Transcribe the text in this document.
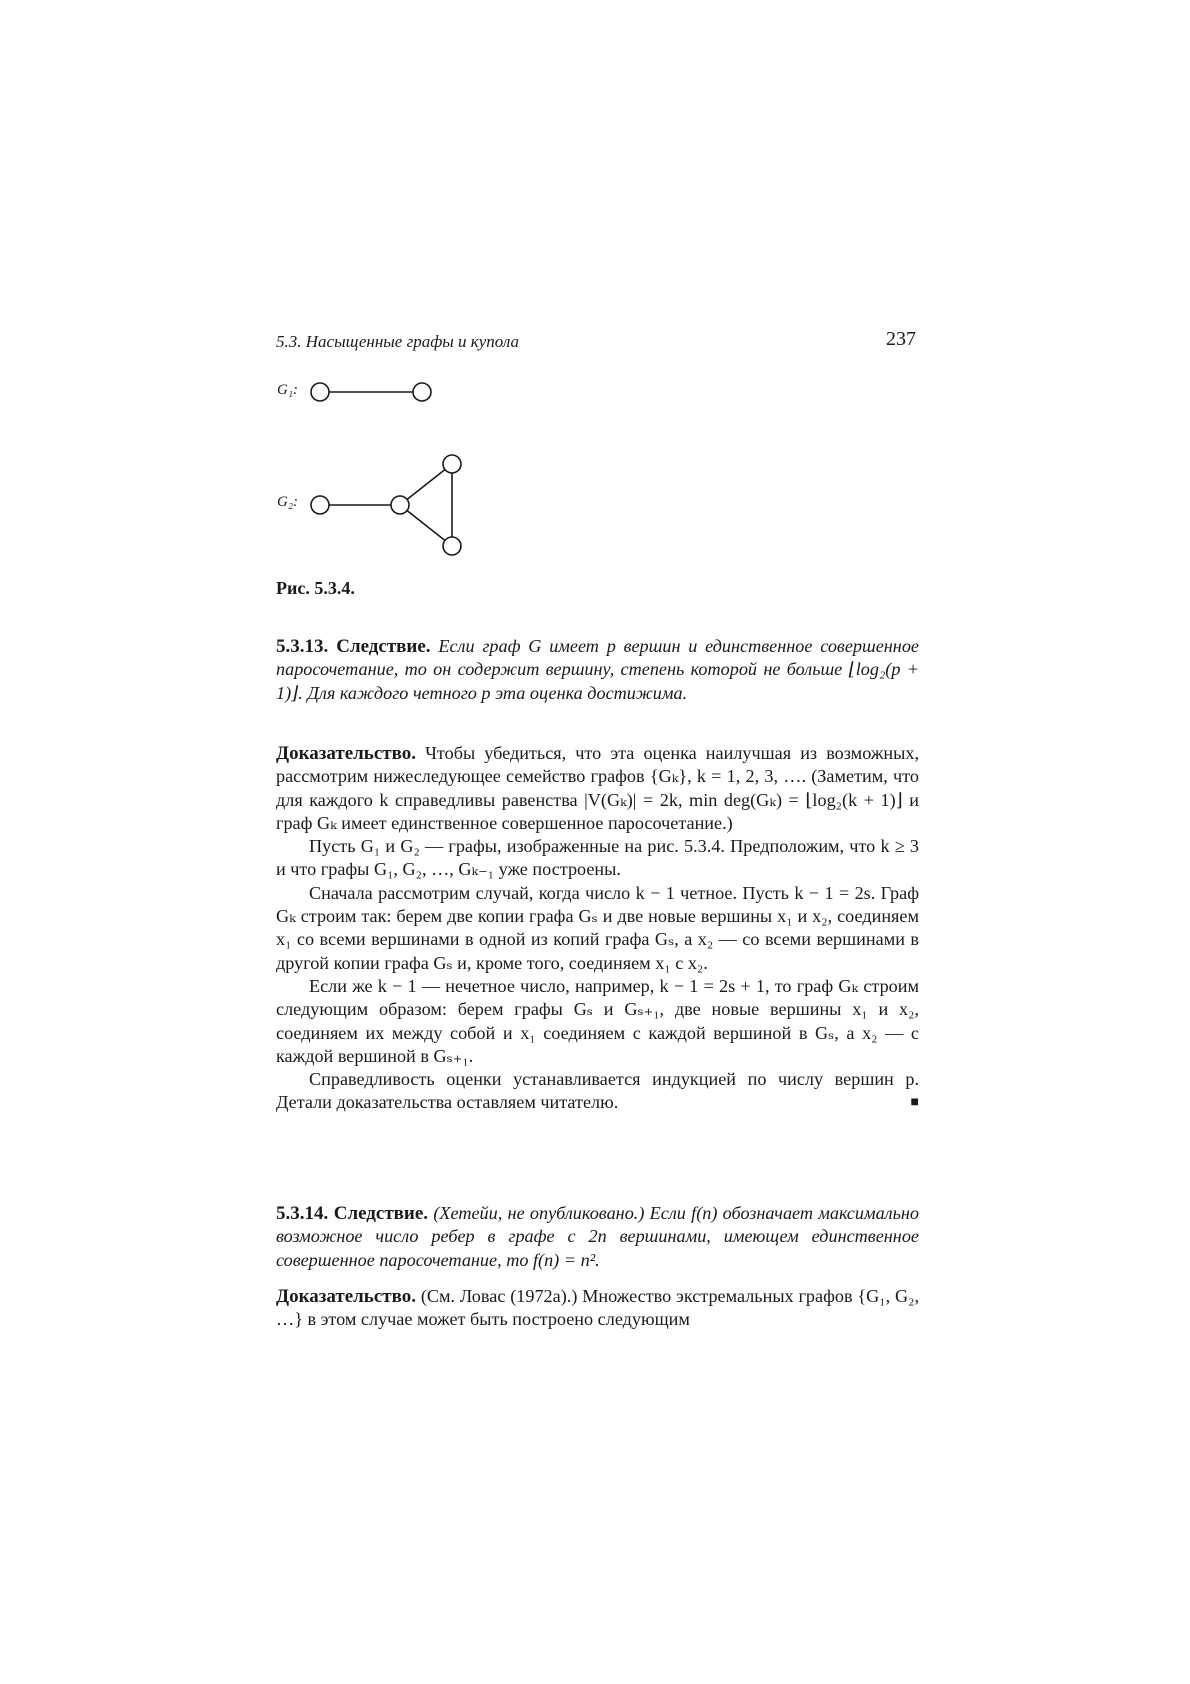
5.3. Насыщенные графы и купола	237
G₁:
G₂:
Рис. 5.3.4.

5.3.13. Следствие. Если граф G имеет p вершин и единственное совершенное паросочетание, то он содержит вершину, степень которой не больше ⌊log₂(p + 1)⌋. Для каждого четного p эта оценка достижима.

Доказательство. Чтобы убедиться, что эта оценка наилучшая из возможных, рассмотрим нижеследующее семейство графов {Gₖ}, k = 1, 2, 3, …. (Заметим, что для каждого k справедливы равенства |V(Gₖ)| = 2k, min deg(Gₖ) = ⌊log₂(k + 1)⌋ и граф Gₖ имеет единственное совершенное паросочетание.)

Пусть G₁ и G₂ — графы, изображенные на рис. 5.3.4. Предположим, что k ≥ 3 и что графы G₁, G₂, …, Gₖ₋₁ уже построены.

Сначала рассмотрим случай, когда число k − 1 четное. Пусть k − 1 = 2s. Граф Gₖ строим так: берем две копии графа Gₛ и две новые вершины x₁ и x₂, соединяем x₁ со всеми вершинами в одной из копий графа Gₛ, а x₂ — со всеми вершинами в другой копии графа Gₛ и, кроме того, соединяем x₁ с x₂.

Если же k − 1 — нечетное число, например, k − 1 = 2s + 1, то граф Gₖ строим следующим образом: берем графы Gₛ и Gₛ₊₁, две новые вершины x₁ и x₂, соединяем их между собой и x₁ соединяем с каждой вершиной в Gₛ, а x₂ — с каждой вершиной в Gₛ₊₁.

Справедливость оценки устанавливается индукцией по числу вершин p. Детали доказательства оставляем читателю.	■

5.3.14. Следствие. (Хетейи, не опубликовано.) Если f(n) обозначает максимально возможное число ребер в графе с 2n вершинами, имеющем единственное совершенное паросочетание, то f(n) = n².

Доказательство. (См. Ловас (1972a).) Множество экстремальных графов {G₁, G₂, …} в этом случае может быть построено следующим
